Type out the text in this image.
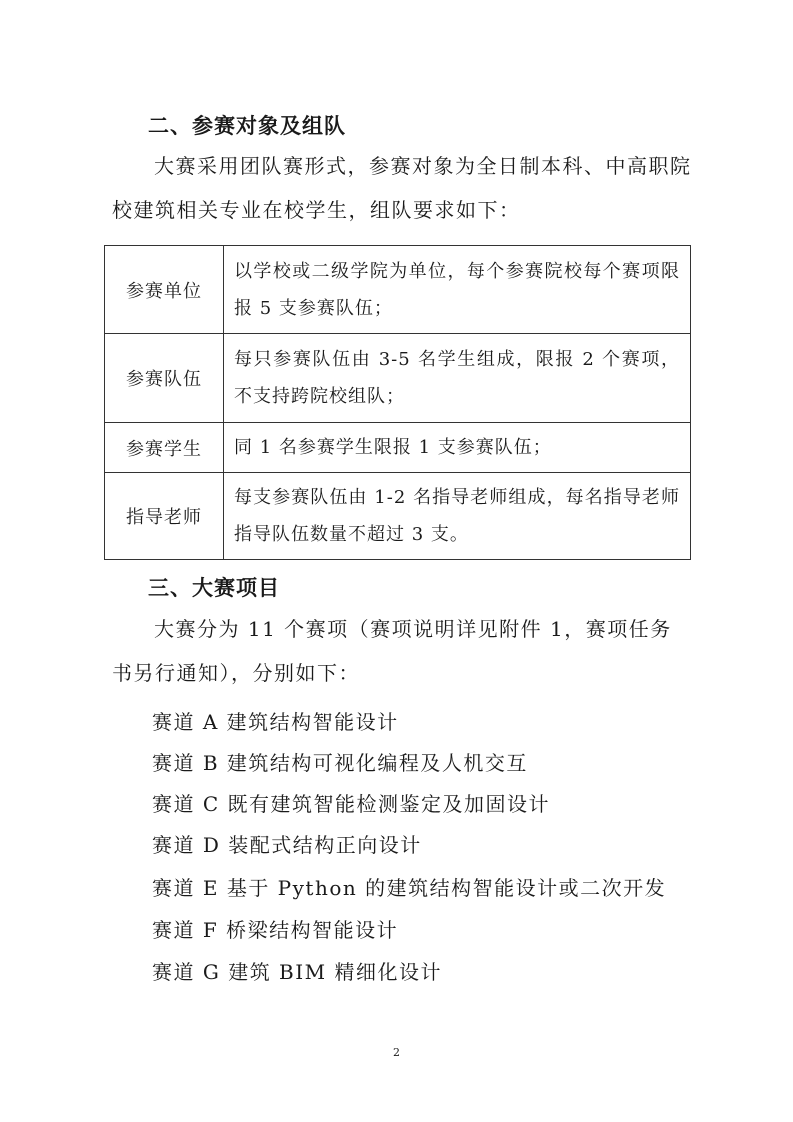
二、参赛对象及组队

大赛采用团队赛形式，参赛对象为全日制本科、中高职院校建筑相关专业在校学生，组队要求如下：

参赛单位	以学校或二级学院为单位，每个参赛院校每个赛项限报 5 支参赛队伍；
参赛队伍	每只参赛队伍由 3-5 名学生组成，限报 2 个赛项，不支持跨院校组队；
参赛学生	同 1 名参赛学生限报 1 支参赛队伍；
指导老师	每支参赛队伍由 1-2 名指导老师组成，每名指导老师指导队伍数量不超过 3 支。
三、大赛项目

大赛分为 11 个赛项（赛项说明详见附件 1，赛项任务书另行通知），分别如下：

赛道 A 建筑结构智能设计
赛道 B 建筑结构可视化编程及人机交互
赛道 C 既有建筑智能检测鉴定及加固设计
赛道 D 装配式结构正向设计
赛道 E 基于 Python 的建筑结构智能设计或二次开发
赛道 F 桥梁结构智能设计
赛道 G 建筑 BIM 精细化设计
2
